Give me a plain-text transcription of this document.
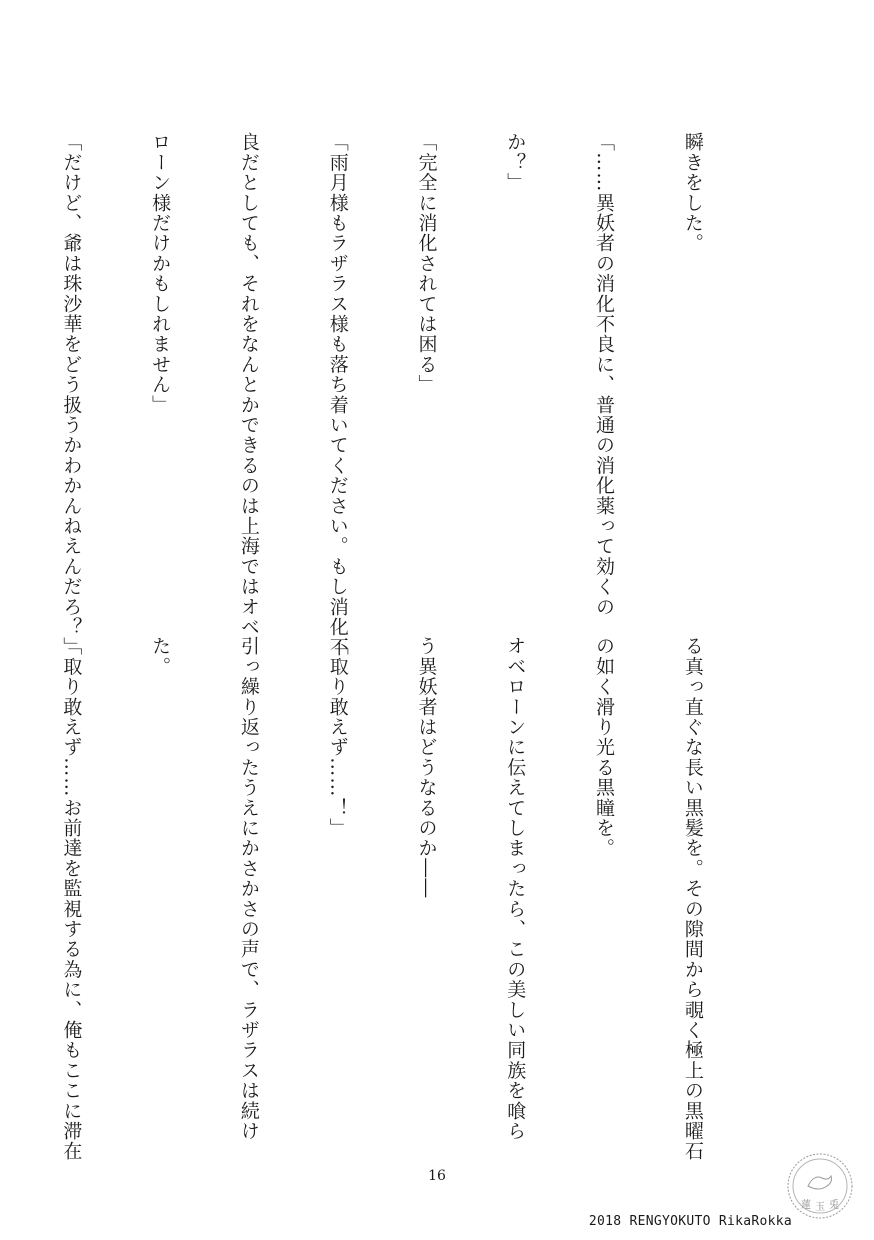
瞬きをした。

「……異妖者の消化不良に、普通の消化薬って効くの

か？」

「完全に消化されては困る」

「雨月様もラザラス様も落ち着いてください。もし消化不

良だとしても、それをなんとかできるのは上海ではオベ

ローン様だけかもしれません」

「だけど、爺は珠沙華をどう扱うかわかんねえんだろ？」

る真っ直ぐな長い黒髪を。その隙間から覗く極上の黒曜石

の如く滑り光る黒瞳を。

オベローンに伝えてしまったら、この美しい同族を喰ら

う異妖者はどうなるのか――

「取り敢えず……！」

引っ繰り返ったうえにかさかさの声で、ラザラスは続け

た。

「取り敢えず……お前達を監視する為に、俺もここに滞在

16
蓮 玉 兎
2018 RENGYOKUTO RikaRokka
